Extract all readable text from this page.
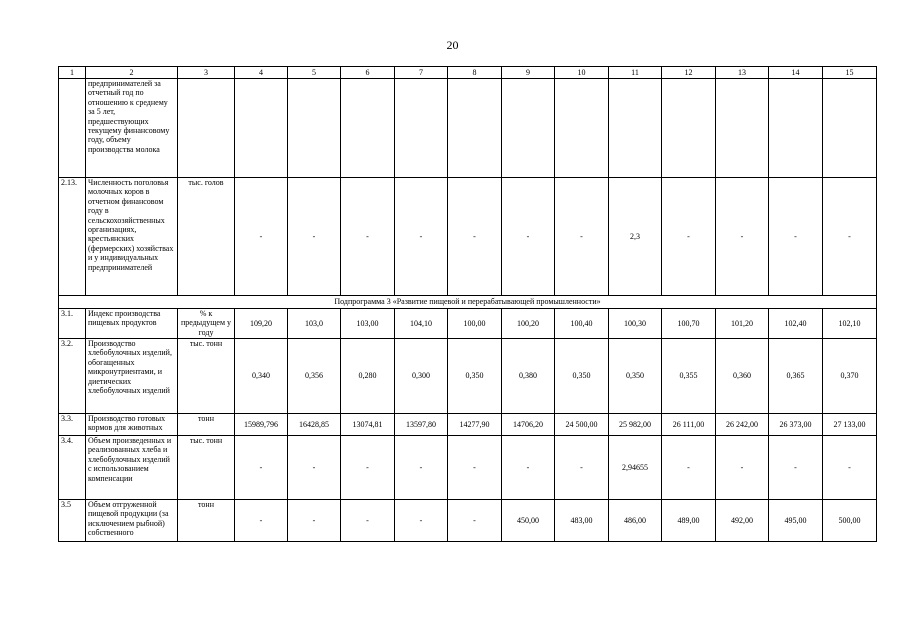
20
1	2	3	4	5	6	7	8	9	10	11	12	13	14	15
	предпринимателей за отчетный год по отношению к среднему за 5 лет, предшествующих текущему финансовому году, объему производства молока													
2.13.	Численность поголовья молочных коров в отчетном финансовом году в сельскохозяйственных организациях, крестьянских (фермерских) хозяйствах и у индивидуальных предпринимателей	тыс. голов	-	-	-	-	-	-	-	2,3	-	-	-	-
Подпрограмма 3 «Развитие пищевой и перерабатывающей промышленности»														
3.1.	Индекс производства пищевых продуктов	% к предыдущем у году	109,20	103,0	103,00	104,10	100,00	100,20	100,40	100,30	100,70	101,20	102,40	102,10
3.2.	Производство хлебобулочных изделий, обогащенных микронутриентами, и диетических хлебобулочных изделий	тыс. тонн	0,340	0,356	0,280	0,300	0,350	0,380	0,350	0,350	0,355	0,360	0,365	0,370
3.3.	Производство готовых кормов для животных	тонн	15989,796	16428,85	13074,81	13597,80	14277,90	14706,20	24 500,00	25 982,00	26 111,00	26 242,00	26 373,00	27 133,00
3.4.	Объем произведенных и реализованных хлеба и хлебобулочных изделий с использованием компенсации	тыс. тонн	-	-	-	-	-	-	-	2,94655	-	-	-	-
3.5	Объем отгруженной пищевой продукции (за исключением рыбной) собственного	тонн	-	-	-	-	-	450,00	483,00	486,00	489,00	492,00	495,00	500,00
